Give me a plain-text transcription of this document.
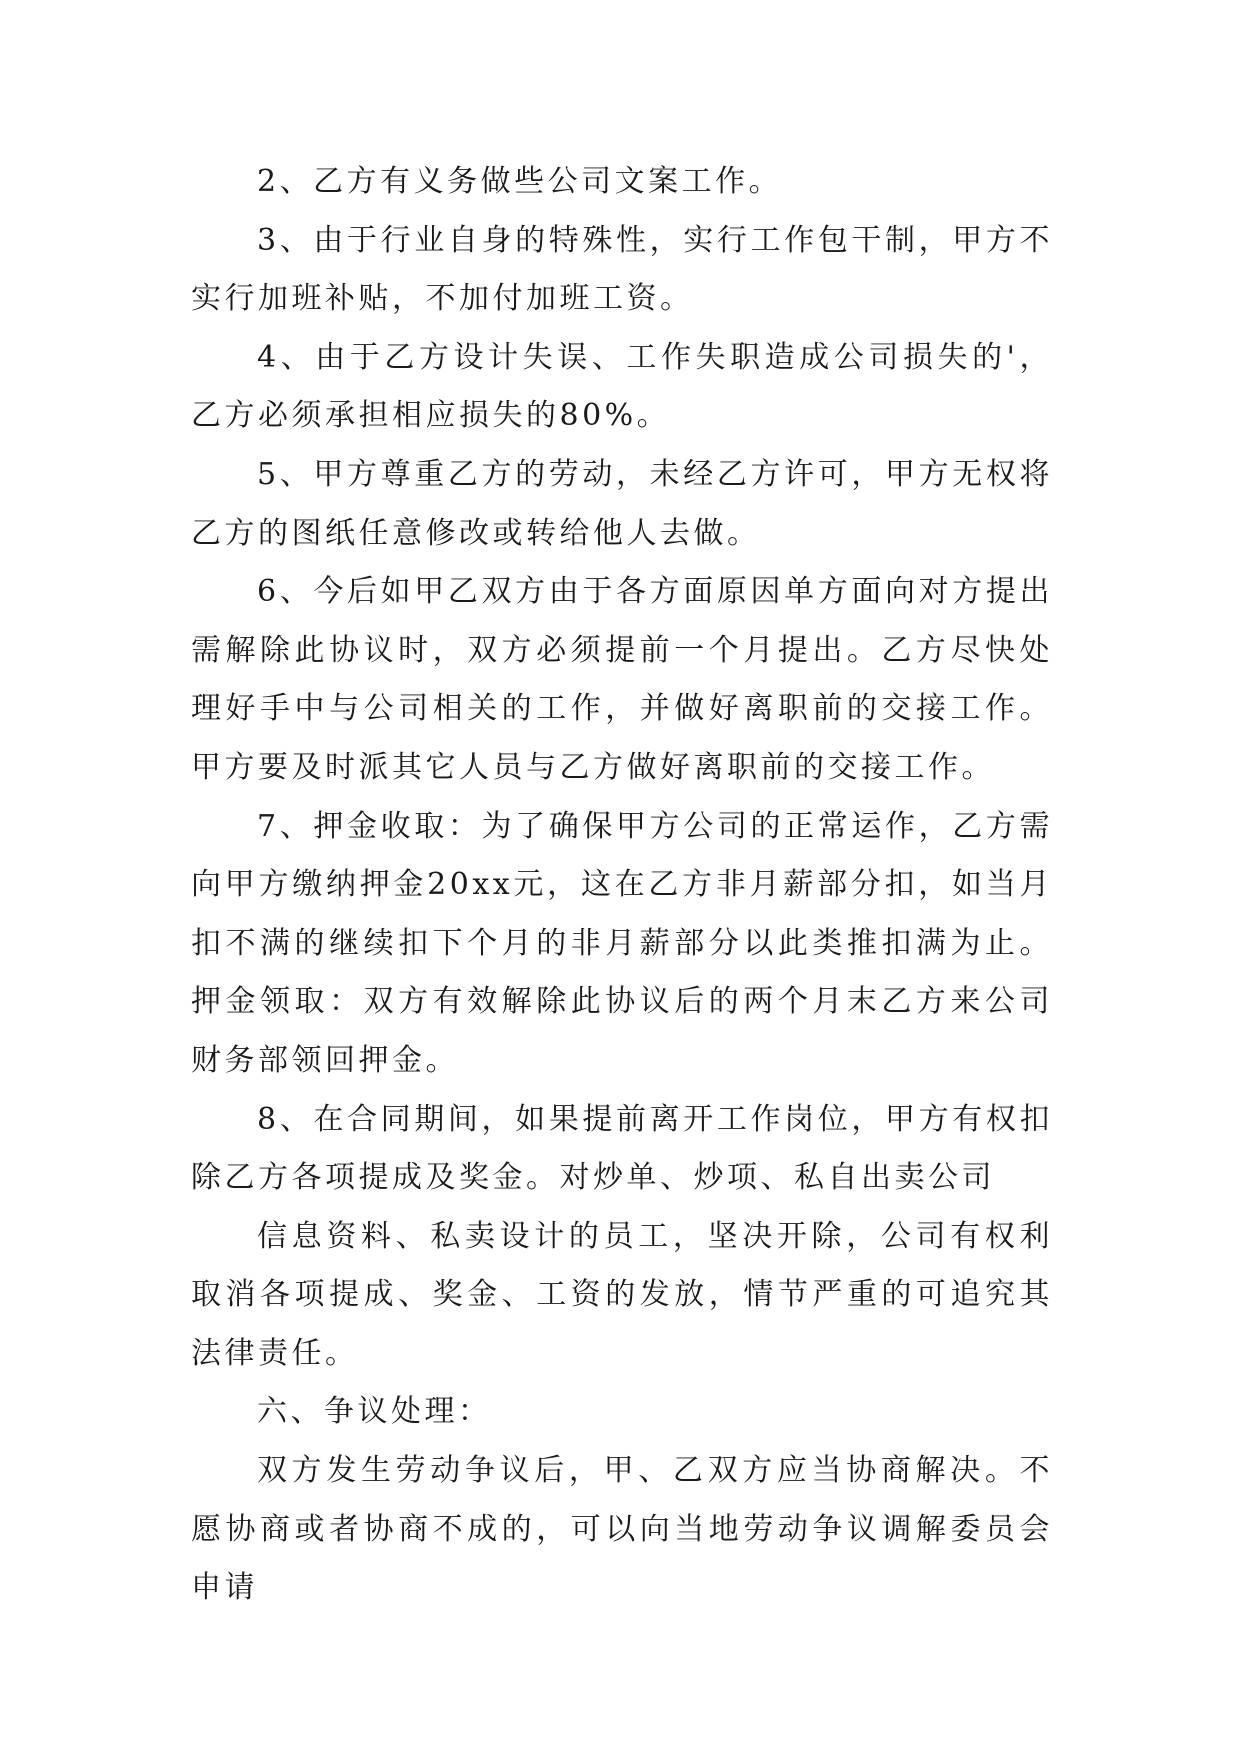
2、乙方有义务做些公司文案工作。

3、由于行业自身的特殊性，实行工作包干制，甲方不实行加班补贴，不加付加班工资。

4、由于乙方设计失误、工作失职造成公司损失的'，乙方必须承担相应损失的80%。

5、甲方尊重乙方的劳动，未经乙方许可，甲方无权将乙方的图纸任意修改或转给他人去做。

6、今后如甲乙双方由于各方面原因单方面向对方提出需解除此协议时，双方必须提前一个月提出。乙方尽快处理好手中与公司相关的工作，并做好离职前的交接工作。甲方要及时派其它人员与乙方做好离职前的交接工作。

7、押金收取：为了确保甲方公司的正常运作，乙方需向甲方缴纳押金20xx元，这在乙方非月薪部分扣，如当月扣不满的继续扣下个月的非月薪部分以此类推扣满为止。押金领取：双方有效解除此协议后的两个月末乙方来公司财务部领回押金。

8、在合同期间，如果提前离开工作岗位，甲方有权扣除乙方各项提成及奖金。对炒单、炒项、私自出卖公司

信息资料、私卖设计的员工，坚决开除，公司有权利取消各项提成、奖金、工资的发放，情节严重的可追究其法律责任。

六、争议处理：

双方发生劳动争议后，甲、乙双方应当协商解决。不愿协商或者协商不成的，可以向当地劳动争议调解委员会申请
